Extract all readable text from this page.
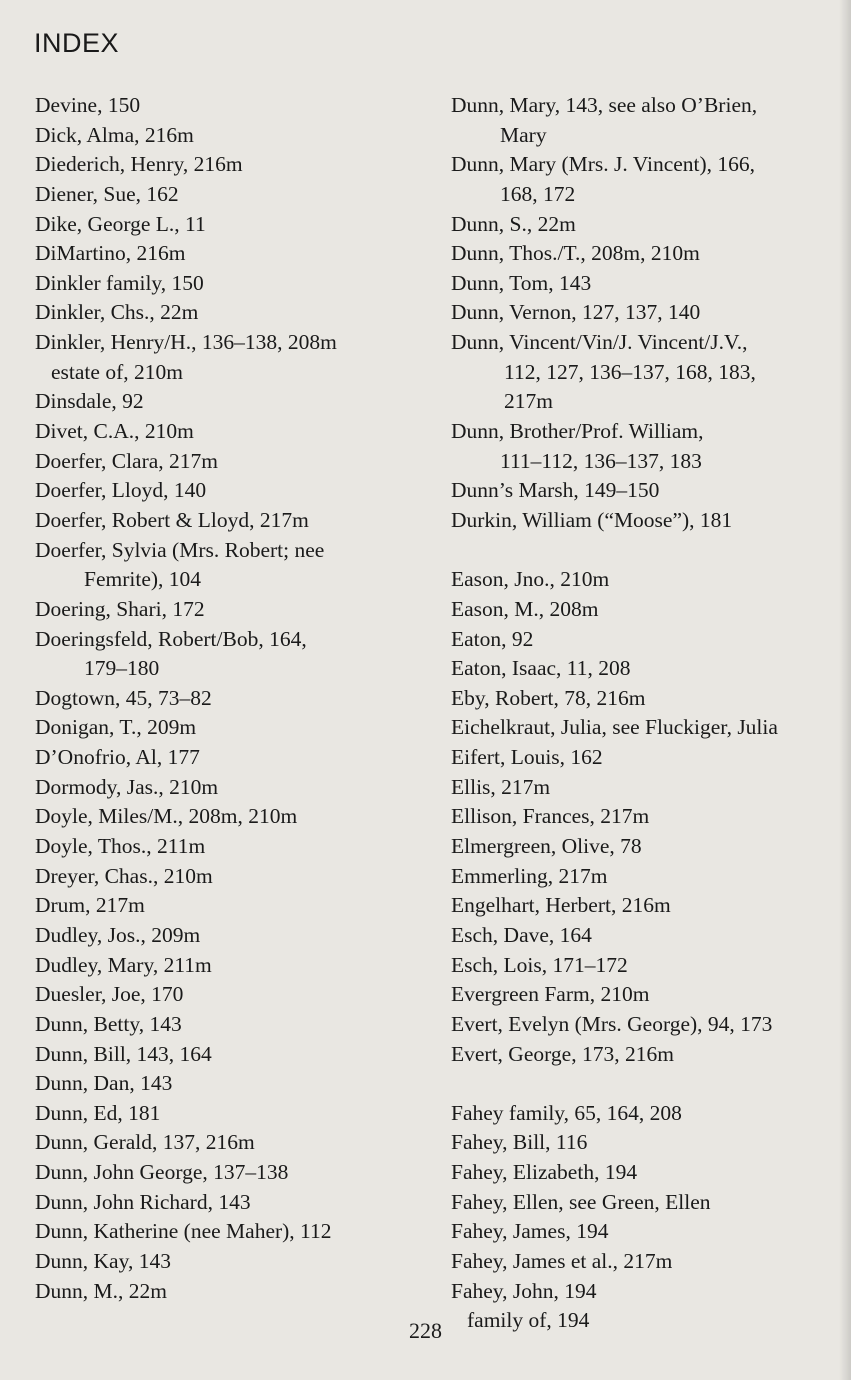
INDEX
Devine, 150
Dick, Alma, 216m
Diederich, Henry, 216m
Diener, Sue, 162
Dike, George L., 11
DiMartino, 216m
Dinkler family, 150
Dinkler, Chs., 22m
Dinkler, Henry/H., 136–138, 208m
estate of, 210m
Dinsdale, 92
Divet, C.A., 210m
Doerfer, Clara, 217m
Doerfer, Lloyd, 140
Doerfer, Robert & Lloyd, 217m
Doerfer, Sylvia (Mrs. Robert; nee
Femrite), 104
Doering, Shari, 172
Doeringsfeld, Robert/Bob, 164,
179–180
Dogtown, 45, 73–82
Donigan, T., 209m
D’Onofrio, Al, 177
Dormody, Jas., 210m
Doyle, Miles/M., 208m, 210m
Doyle, Thos., 211m
Dreyer, Chas., 210m
Drum, 217m
Dudley, Jos., 209m
Dudley, Mary, 211m
Duesler, Joe, 170
Dunn, Betty, 143
Dunn, Bill, 143, 164
Dunn, Dan, 143
Dunn, Ed, 181
Dunn, Gerald, 137, 216m
Dunn, John George, 137–138
Dunn, John Richard, 143
Dunn, Katherine (nee Maher), 112
Dunn, Kay, 143
Dunn, M., 22m
Dunn, Mary, 143, see also O’Brien,
Mary
Dunn, Mary (Mrs. J. Vincent), 166,
168, 172
Dunn, S., 22m
Dunn, Thos./T., 208m, 210m
Dunn, Tom, 143
Dunn, Vernon, 127, 137, 140
Dunn, Vincent/Vin/J. Vincent/J.V.,
112, 127, 136–137, 168, 183,
217m
Dunn, Brother/Prof. William,
111–112, 136–137, 183
Dunn’s Marsh, 149–150
Durkin, William (“Moose”), 181
Eason, Jno., 210m
Eason, M., 208m
Eaton, 92
Eaton, Isaac, 11, 208
Eby, Robert, 78, 216m
Eichelkraut, Julia, see Fluckiger, Julia
Eifert, Louis, 162
Ellis, 217m
Ellison, Frances, 217m
Elmergreen, Olive, 78
Emmerling, 217m
Engelhart, Herbert, 216m
Esch, Dave, 164
Esch, Lois, 171–172
Evergreen Farm, 210m
Evert, Evelyn (Mrs. George), 94, 173
Evert, George, 173, 216m
Fahey family, 65, 164, 208
Fahey, Bill, 116
Fahey, Elizabeth, 194
Fahey, Ellen, see Green, Ellen
Fahey, James, 194
Fahey, James et al., 217m
Fahey, John, 194
family of, 194
228
